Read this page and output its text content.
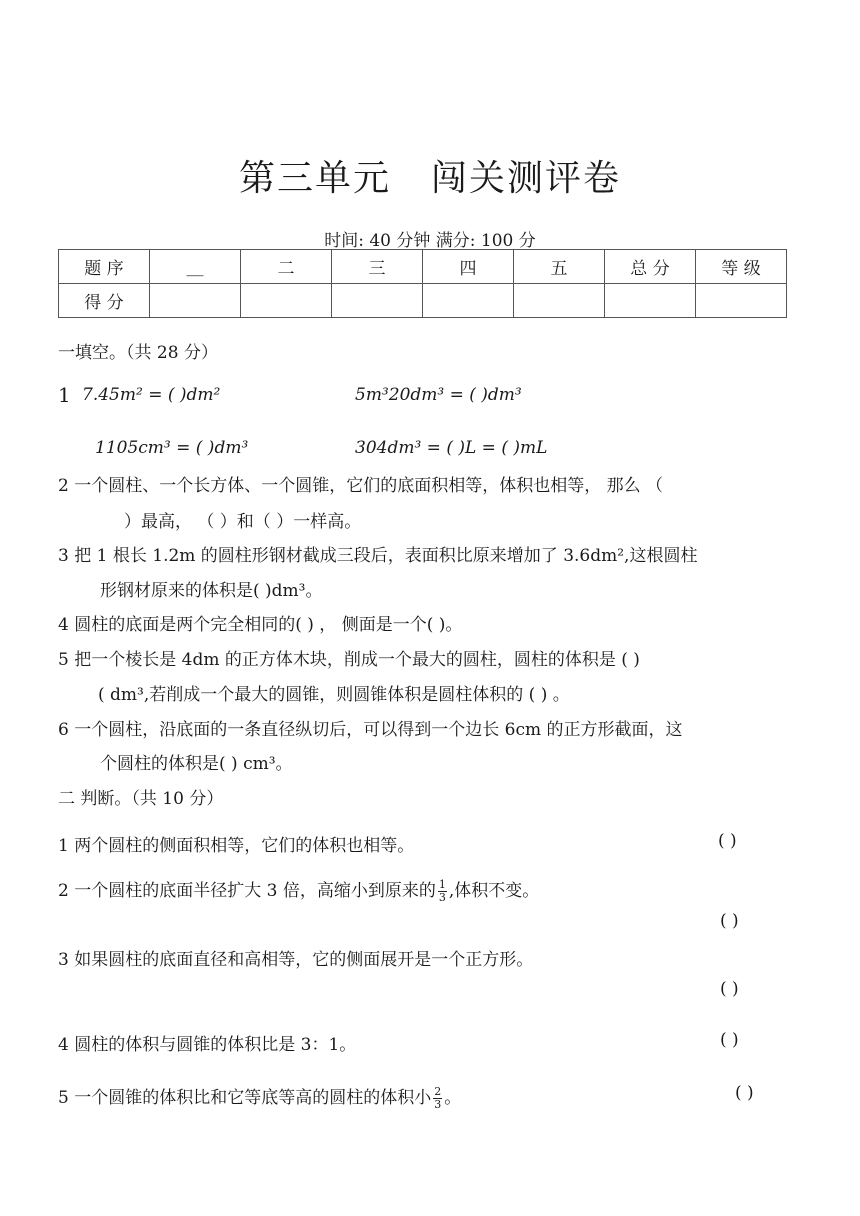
第三单元 闯关测评卷
时间: 40 分钟 满分: 100 分
题 序	__	二	三	四	五	总 分	等 级
得 分							
一填空。（共 28 分）
1 7.45m² = ( )dm²	5m³20dm³ = ( )dm³
1105cm³ = ( )dm³	304dm³ = ( )L = ( )mL
2 一个圆柱、一个长方体、一个圆锥，它们的底面积相等，体积也相等， 那么 （
）最高， （ ）和（ ）一样高。
3 把 1 根长 1.2m 的圆柱形钢材截成三段后，表面积比原来增加了 3.6dm²,这根圆柱
形钢材原来的体积是( )dm³。
4 圆柱的底面是两个完全相同的( ) ， 侧面是一个( )。
5 把一个棱长是 4dm 的正方体木块，削成一个最大的圆柱，圆柱的体积是 ( )
( dm³,若削成一个最大的圆锥，则圆锥体积是圆柱体积的 ( ) 。
6 一个圆柱，沿底面的一条直径纵切后，可以得到一个边长 6cm 的正方形截面，这
个圆柱的体积是( ) cm³。
二 判断。（共 10 分）
1 两个圆柱的侧面积相等，它们的体积也相等。	( )
2 一个圆柱的底面半径扩大 3 倍，高缩小到原来的 $\frac{1}{3}$ ,体积不变。
( )
3 如果圆柱的底面直径和高相等，它的侧面展开是一个正方形。
( )
4 圆柱的体积与圆锥的体积比是 3：1。	( )
5 一个圆锥的体积比和它等底等高的圆柱的体积小 $\frac{2}{3}$ 。	( )
